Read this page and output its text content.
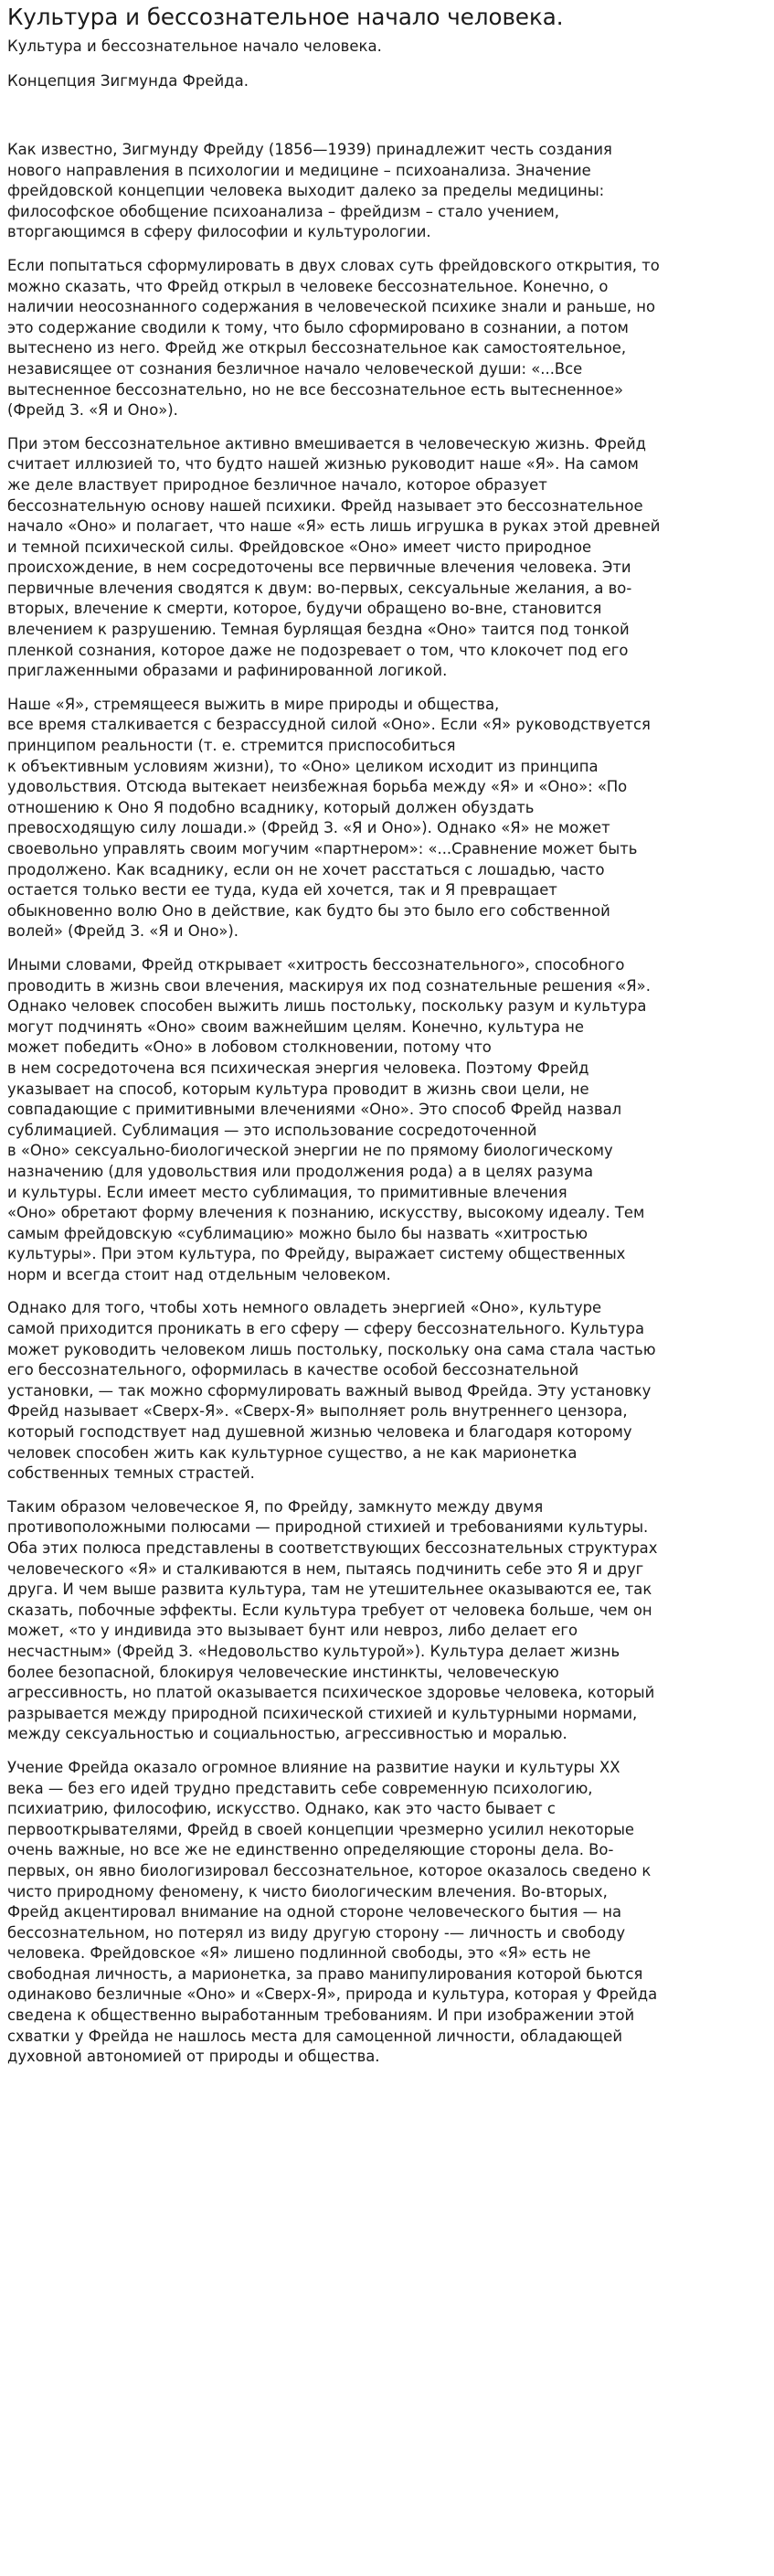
Культура и бессознательное начало человека.
Культура и бессознательное начало человека.
Концепция Зигмунда Фрейда.

Как известно, Зигмунду Фрейду (1856—1939) принадлежит честь создания
нового направления в психологии и медицине – психоанализа. Значение
фрейдовской концепции человека выходит далеко за пределы медицины:
философское обобщение психоанализа – фрейдизм – стало учением,
вторгающимся в сферу философии и культурологии.

Если попытаться сформулировать в двух словах суть фрейдовского открытия, то
можно сказать, что Фрейд открыл в человеке бессознательное. Конечно, о
наличии неосознанного содержания в человеческой психике знали и раньше, но
это содержание сводили к тому, что было сформировано в сознании, а потом
вытеснено из него. Фрейд же открыл бессознательное как самостоятельное,
независящее от сознания безличное начало человеческой души: «...Все
вытесненное бессознательно, но не все бессознательное есть вытесненное»
(Фрейд З. «Я и Оно»).

При этом бессознательное активно вмешивается в человеческую жизнь. Фрейд
считает иллюзией то, что будто нашей жизнью руководит наше «Я». На самом
же деле властвует природное безличное начало, которое образует
бессознательную основу нашей психики. Фрейд называет это бессознательное
начало «Оно» и полагает, что наше «Я» есть лишь игрушка в руках этой древней
и темной психической силы. Фрейдовское «Оно» имеет чисто природное
происхождение, в нем сосредоточены все первичные влечения человека. Эти
первичные влечения сводятся к двум: во-первых, сексуальные желания, а во-
вторых, влечение к смерти, которое, будучи обращено во-вне, становится
влечением к разрушению. Темная бурлящая бездна «Оно» таится под тонкой
пленкой сознания, которое даже не подозревает о том, что клокочет под его
приглаженными образами и рафинированной логикой.

Наше «Я», стремящееся выжить в мире природы и общества,
все время сталкивается с безрассудной силой «Оно». Если «Я» руководствуется
принципом реальности (т. е. стремится приспособиться
к объективным условиям жизни), то «Оно» целиком исходит из принципа
удовольствия. Отсюда вытекает неизбежная борьба между «Я» и «Оно»: «По
отношению к Оно Я подобно всаднику, который должен обуздать
превосходящую силу лошади.» (Фрейд З. «Я и Оно»). Однако «Я» не может
своевольно управлять своим могучим «партнером»: «...Сравнение может быть
продолжено. Как всаднику, если он не хочет расстаться с лошадью, часто
остается только вести ее туда, куда ей хочется, так и Я превращает
обыкновенно волю Оно в действие, как будто бы это было его собственной
волей» (Фрейд З. «Я и Оно»).

Иными словами, Фрейд открывает «хитрость бессознательного», способного
проводить в жизнь свои влечения, маскируя их под сознательные решения «Я».
Однако человек способен выжить лишь постольку, поскольку разум и культура
могут подчинять «Оно» своим важнейшим целям. Конечно, культура не
может победить «Оно» в лобовом столкновении, потому что
в нем сосредоточена вся психическая энергия человека. Поэтому Фрейд
указывает на способ, которым культура проводит в жизнь свои цели, не
совпадающие с примитивными влечениями «Оно». Это способ Фрейд назвал
сублимацией. Сублимация — это использование сосредоточенной
в «Оно» сексуально-биологической энергии не по прямому биологическому
назначению (для удовольствия или продолжения рода) а в целях разума
и культуры. Если имеет место сублимация, то примитивные влечения
«Оно» обретают форму влечения к познанию, искусству, высокому идеалу. Тем
самым фрейдовскую «сублимацию» можно было бы назвать «хитростью
культуры». При этом культура, по Фрейду, выражает систему общественных
норм и всегда стоит над отдельным человеком.

Однако для того, чтобы хоть немного овладеть энергией «Оно», культуре
самой приходится проникать в его сферу — сферу бессознательного. Культура
может руководить человеком лишь постольку, поскольку она сама стала частью
его бессознательного, оформилась в качестве особой бессознательной
установки, — так можно сформулировать важный вывод Фрейда. Эту установку
Фрейд называет «Сверх-Я». «Сверх-Я» выполняет роль внутреннего цензора,
который господствует над душевной жизнью человека и благодаря которому
человек способен жить как культурное существо, а не как марионетка
собственных темных страстей.

Таким образом человеческое Я, по Фрейду, замкнуто между двумя
противоположными полюсами — природной стихией и требованиями культуры.
Оба этих полюса представлены в соответствующих бессознательных структурах
человеческого «Я» и сталкиваются в нем, пытаясь подчинить себе это Я и друг
друга. И чем выше развита культура, там не утешительнее оказываются ее, так
сказать, побочные эффекты. Если культура требует от человека больше, чем он
может, «то у индивида это вызывает бунт или невроз, либо делает его
несчастным» (Фрейд З. «Недовольство культурой»). Культура делает жизнь
более безопасной, блокируя человеческие инстинкты, человеческую
агрессивность, но платой оказывается психическое здоровье человека, который
разрывается между природной психической стихией и культурными нормами,
между сексуальностью и социальностью, агрессивностью и моралью.

Учение Фрейда оказало огромное влияние на развитие науки и культуры XX
века — без его идей трудно представить себе современную психологию,
психиатрию, философию, искусство. Однако, как это часто бывает с
первооткрывателями, Фрейд в своей концепции чрезмерно усилил некоторые
очень важные, но все же не единственно определяющие стороны дела. Во-
первых, он явно биологизировал бессознательное, которое оказалось сведено к
чисто природному феномену, к чисто биологическим влечения. Во-вторых,
Фрейд акцентировал внимание на одной стороне человеческого бытия — на
бессознательном, но потерял из виду другую сторону -— личность и свободу
человека. Фрейдовское «Я» лишено подлинной свободы, это «Я» есть не
свободная личность, а марионетка, за право манипулирования которой бьются
одинаково безличные «Оно» и «Сверх-Я», природа и культура, которая у Фрейда
сведена к общественно выработанным требованиям. И при изображении этой
схватки у Фрейда не нашлось места для самоценной личности, обладающей
духовной автономией от природы и общества.
